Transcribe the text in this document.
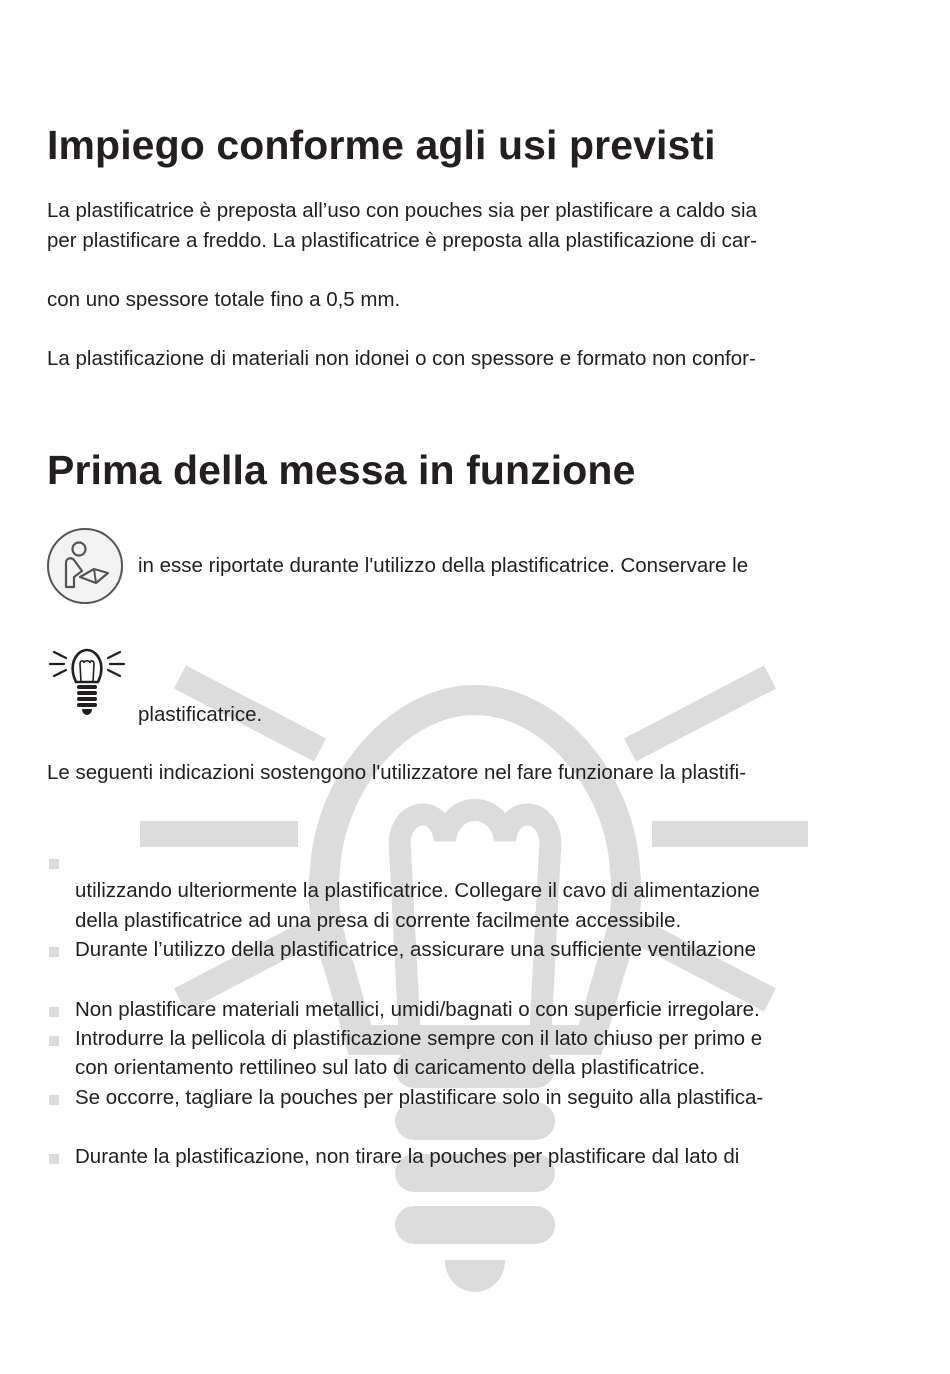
Impiego conforme agli usi previsti
La plastificatrice è preposta all’uso con pouches sia per plastificare a caldo sia
per plastificare a freddo. La plastificatrice è preposta alla plastificazione di car-
con uno spessore totale fino a 0,5 mm.
La plastificazione di materiali non idonei o con spessore e formato non confor-
Prima della messa in funzione
in esse riportate durante l'utilizzo della plastificatrice. Conservare le
plastificatrice.
Le seguenti indicazioni sostengono l'utilizzatore nel fare funzionare la plastifi-
utilizzando ulteriormente la plastificatrice. Collegare il cavo di alimentazione
della plastificatrice ad una presa di corrente facilmente accessibile.
Durante l’utilizzo della plastificatrice, assicurare una sufficiente ventilazione
Non plastificare materiali metallici, umidi/bagnati o con superficie irregolare.
Introdurre la pellicola di plastificazione sempre con il lato chiuso per primo e
con orientamento rettilineo sul lato di caricamento della plastificatrice.
Se occorre, tagliare la pouches per plastificare solo in seguito alla plastifica-
Durante la plastificazione, non tirare la pouches per plastificare dal lato di
